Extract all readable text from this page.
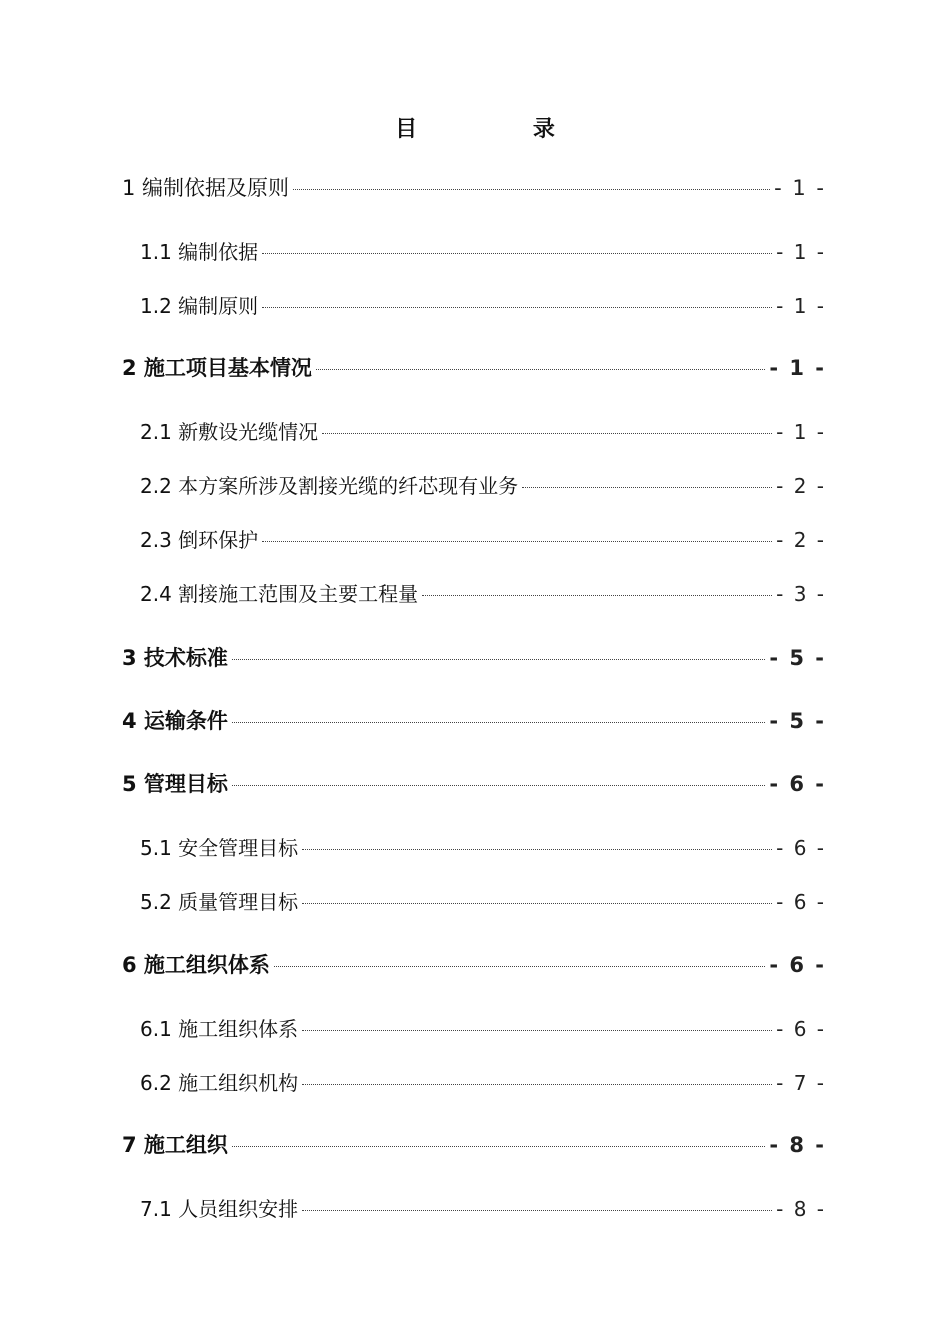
目 录
1 编制依据及原则	- 1 -
1.1 编制依据	- 1 -
1.2 编制原则	- 1 -
2 施工项目基本情况	- 1 -
2.1 新敷设光缆情况	- 1 -
2.2 本方案所涉及割接光缆的纤芯现有业务	- 2 -
2.3 倒环保护	- 2 -
2.4 割接施工范围及主要工程量	- 3 -
3 技术标准	- 5 -
4 运输条件	- 5 -
5 管理目标	- 6 -
5.1 安全管理目标	- 6 -
5.2 质量管理目标	- 6 -
6 施工组织体系	- 6 -
6.1 施工组织体系	- 6 -
6.2 施工组织机构	- 7 -
7 施工组织	- 8 -
7.1 人员组织安排	- 8 -
